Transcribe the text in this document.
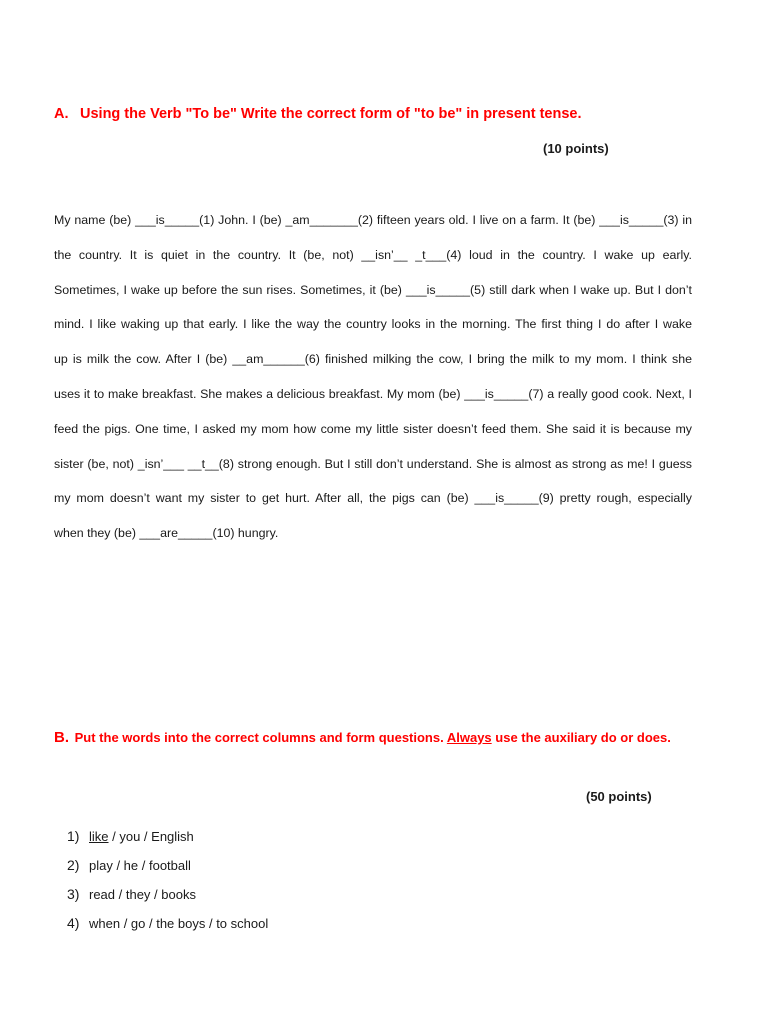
A. Using the Verb "To be" Write the correct form of "to be" in present tense.
(10 points)
My name (be) ___is_____(1) John. I (be) _am_______(2) fifteen years old. I live on a farm. It (be) ___is_____(3) in
the country. It is quiet in the country. It (be, not) __isn’__ _t___(4) loud in the country. I wake up early.
Sometimes, I wake up before the sun rises. Sometimes, it (be) ___is_____(5) still dark when I wake up. But I don’t
mind. I like waking up that early. I like the way the country looks in the morning. The first thing I do after I wake
up is milk the cow. After I (be) __am______(6) finished milking the cow, I bring the milk to my mom. I think she
uses it to make breakfast. She makes a delicious breakfast. My mom (be) ___is_____(7) a really good cook. Next, I
feed the pigs. One time, I asked my mom how come my little sister doesn’t feed them. She said it is because my
sister (be, not) _isn’___ __t__(8) strong enough. But I still don’t understand. She is almost as strong as me! I guess
my mom doesn’t want my sister to get hurt. After all, the pigs can (be) ___is_____(9) pretty rough, especially
when they (be) ___are_____(10) hungry.
B. Put the words into the correct columns and form questions. Always use the auxiliary do or does.
(50 points)
1) like / you / English
2) play / he / football
3) read / they / books
4) when / go / the boys / to school
